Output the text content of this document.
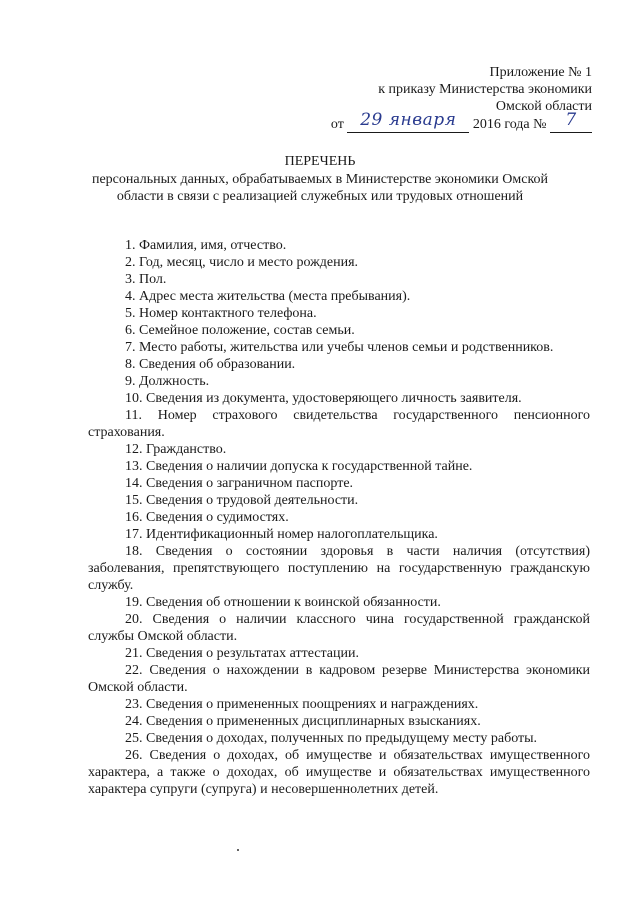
Приложение № 1
к приказу Министерства экономики
Омской области
от 29 января	2016 года №	7
ПЕРЕЧЕНЬ
персональных данных, обрабатываемых в Министерстве экономики Омской области в связи с реализацией служебных или трудовых отношений
1. Фамилия, имя, отчество.
2. Год, месяц, число и место рождения.
3. Пол.
4. Адрес места жительства (места пребывания).
5. Номер контактного телефона.
6. Семейное положение, состав семьи.
7. Место работы, жительства или учебы членов семьи и родственников.
8. Сведения об образовании.
9. Должность.
10. Сведения из документа, удостоверяющего личность заявителя.
11. Номер страхового свидетельства государственного пенсионного страхования.
12. Гражданство.
13. Сведения о наличии допуска к государственной тайне.
14. Сведения о заграничном паспорте.
15. Сведения о трудовой деятельности.
16. Сведения о судимостях.
17. Идентификационный номер налогоплательщика.
18. Сведения о состоянии здоровья в части наличия (отсутствия) заболевания, препятствующего поступлению на государственную гражданскую службу.
19. Сведения об отношении к воинской обязанности.
20. Сведения о наличии классного чина государственной гражданской службы Омской области.
21. Сведения о результатах аттестации.
22. Сведения о нахождении в кадровом резерве Министерства экономики Омской области.
23. Сведения о примененных поощрениях и награждениях.
24. Сведения о примененных дисциплинарных взысканиях.
25. Сведения о доходах, полученных по предыдущему месту работы.
26. Сведения о доходах, об имуществе и обязательствах имущественного характера, а также о доходах, об имуществе и обязательствах имущественного характера супруги (супруга) и несовершеннолетних детей.
